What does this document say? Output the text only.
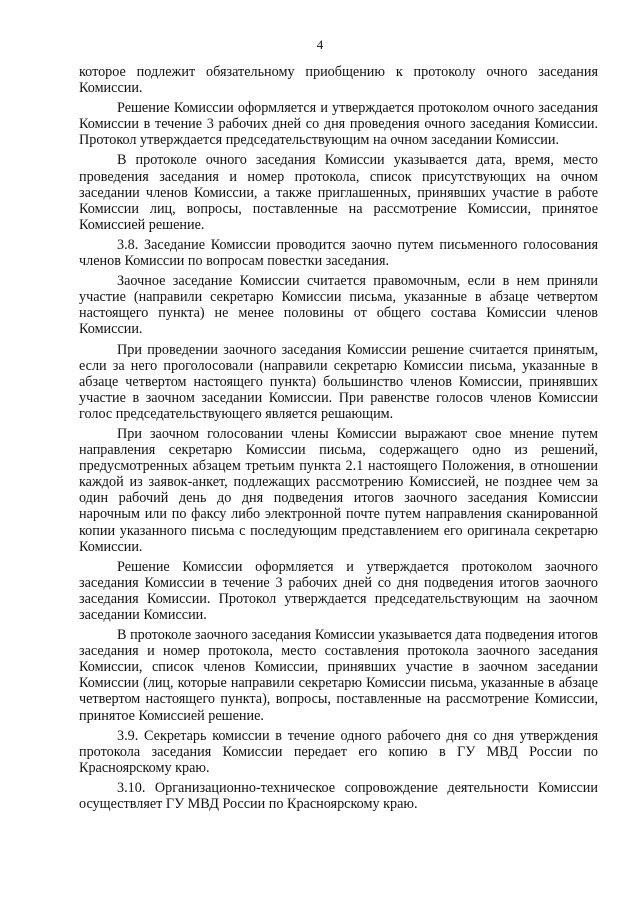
4

которое подлежит обязательному приобщению к протоколу очного заседания Комиссии.

Решение Комиссии оформляется и утверждается протоколом очного заседания Комиссии в течение 3 рабочих дней со дня проведения очного заседания Комиссии. Протокол утверждается председательствующим на очном заседании Комиссии.

В протоколе очного заседания Комиссии указывается дата, время, место проведения заседания и номер протокола, список присутствующих на очном заседании членов Комиссии, а также приглашенных, принявших участие в работе Комиссии лиц, вопросы, поставленные на рассмотрение Комиссии, принятое Комиссией решение.

3.8. Заседание Комиссии проводится заочно путем письменного голосования членов Комиссии по вопросам повестки заседания.

Заочное заседание Комиссии считается правомочным, если в нем приняли участие (направили секретарю Комиссии письма, указанные в абзаце четвертом настоящего пункта) не менее половины от общего состава Комиссии членов Комиссии.

При проведении заочного заседания Комиссии решение считается принятым, если за него проголосовали (направили секретарю Комиссии письма, указанные в абзаце четвертом настоящего пункта) большинство членов Комиссии, принявших участие в заочном заседании Комиссии. При равенстве голосов членов Комиссии голос председательствующего является решающим.

При заочном голосовании члены Комиссии выражают свое мнение путем направления секретарю Комиссии письма, содержащего одно из решений, предусмотренных абзацем третьим пункта 2.1 настоящего Положения, в отношении каждой из заявок-анкет, подлежащих рассмотрению Комиссией, не позднее чем за один рабочий день до дня подведения итогов заочного заседания Комиссии нарочным или по факсу либо электронной почте путем направления сканированной копии указанного письма с последующим представлением его оригинала секретарю Комиссии.

Решение Комиссии оформляется и утверждается протоколом заочного заседания Комиссии в течение 3 рабочих дней со дня подведения итогов заочного заседания Комиссии. Протокол утверждается председательствующим на заочном заседании Комиссии.

В протоколе заочного заседания Комиссии указывается дата подведения итогов заседания и номер протокола, место составления протокола заочного заседания Комиссии, список членов Комиссии, принявших участие в заочном заседании Комиссии (лиц, которые направили секретарю Комиссии письма, указанные в абзаце четвертом настоящего пункта), вопросы, поставленные на рассмотрение Комиссии, принятое Комиссией решение.

3.9. Секретарь комиссии в течение одного рабочего дня со дня утверждения протокола заседания Комиссии передает его копию в ГУ МВД России по Красноярскому краю.

3.10. Организационно-техническое сопровождение деятельности Комиссии осуществляет ГУ МВД России по Красноярскому краю.
